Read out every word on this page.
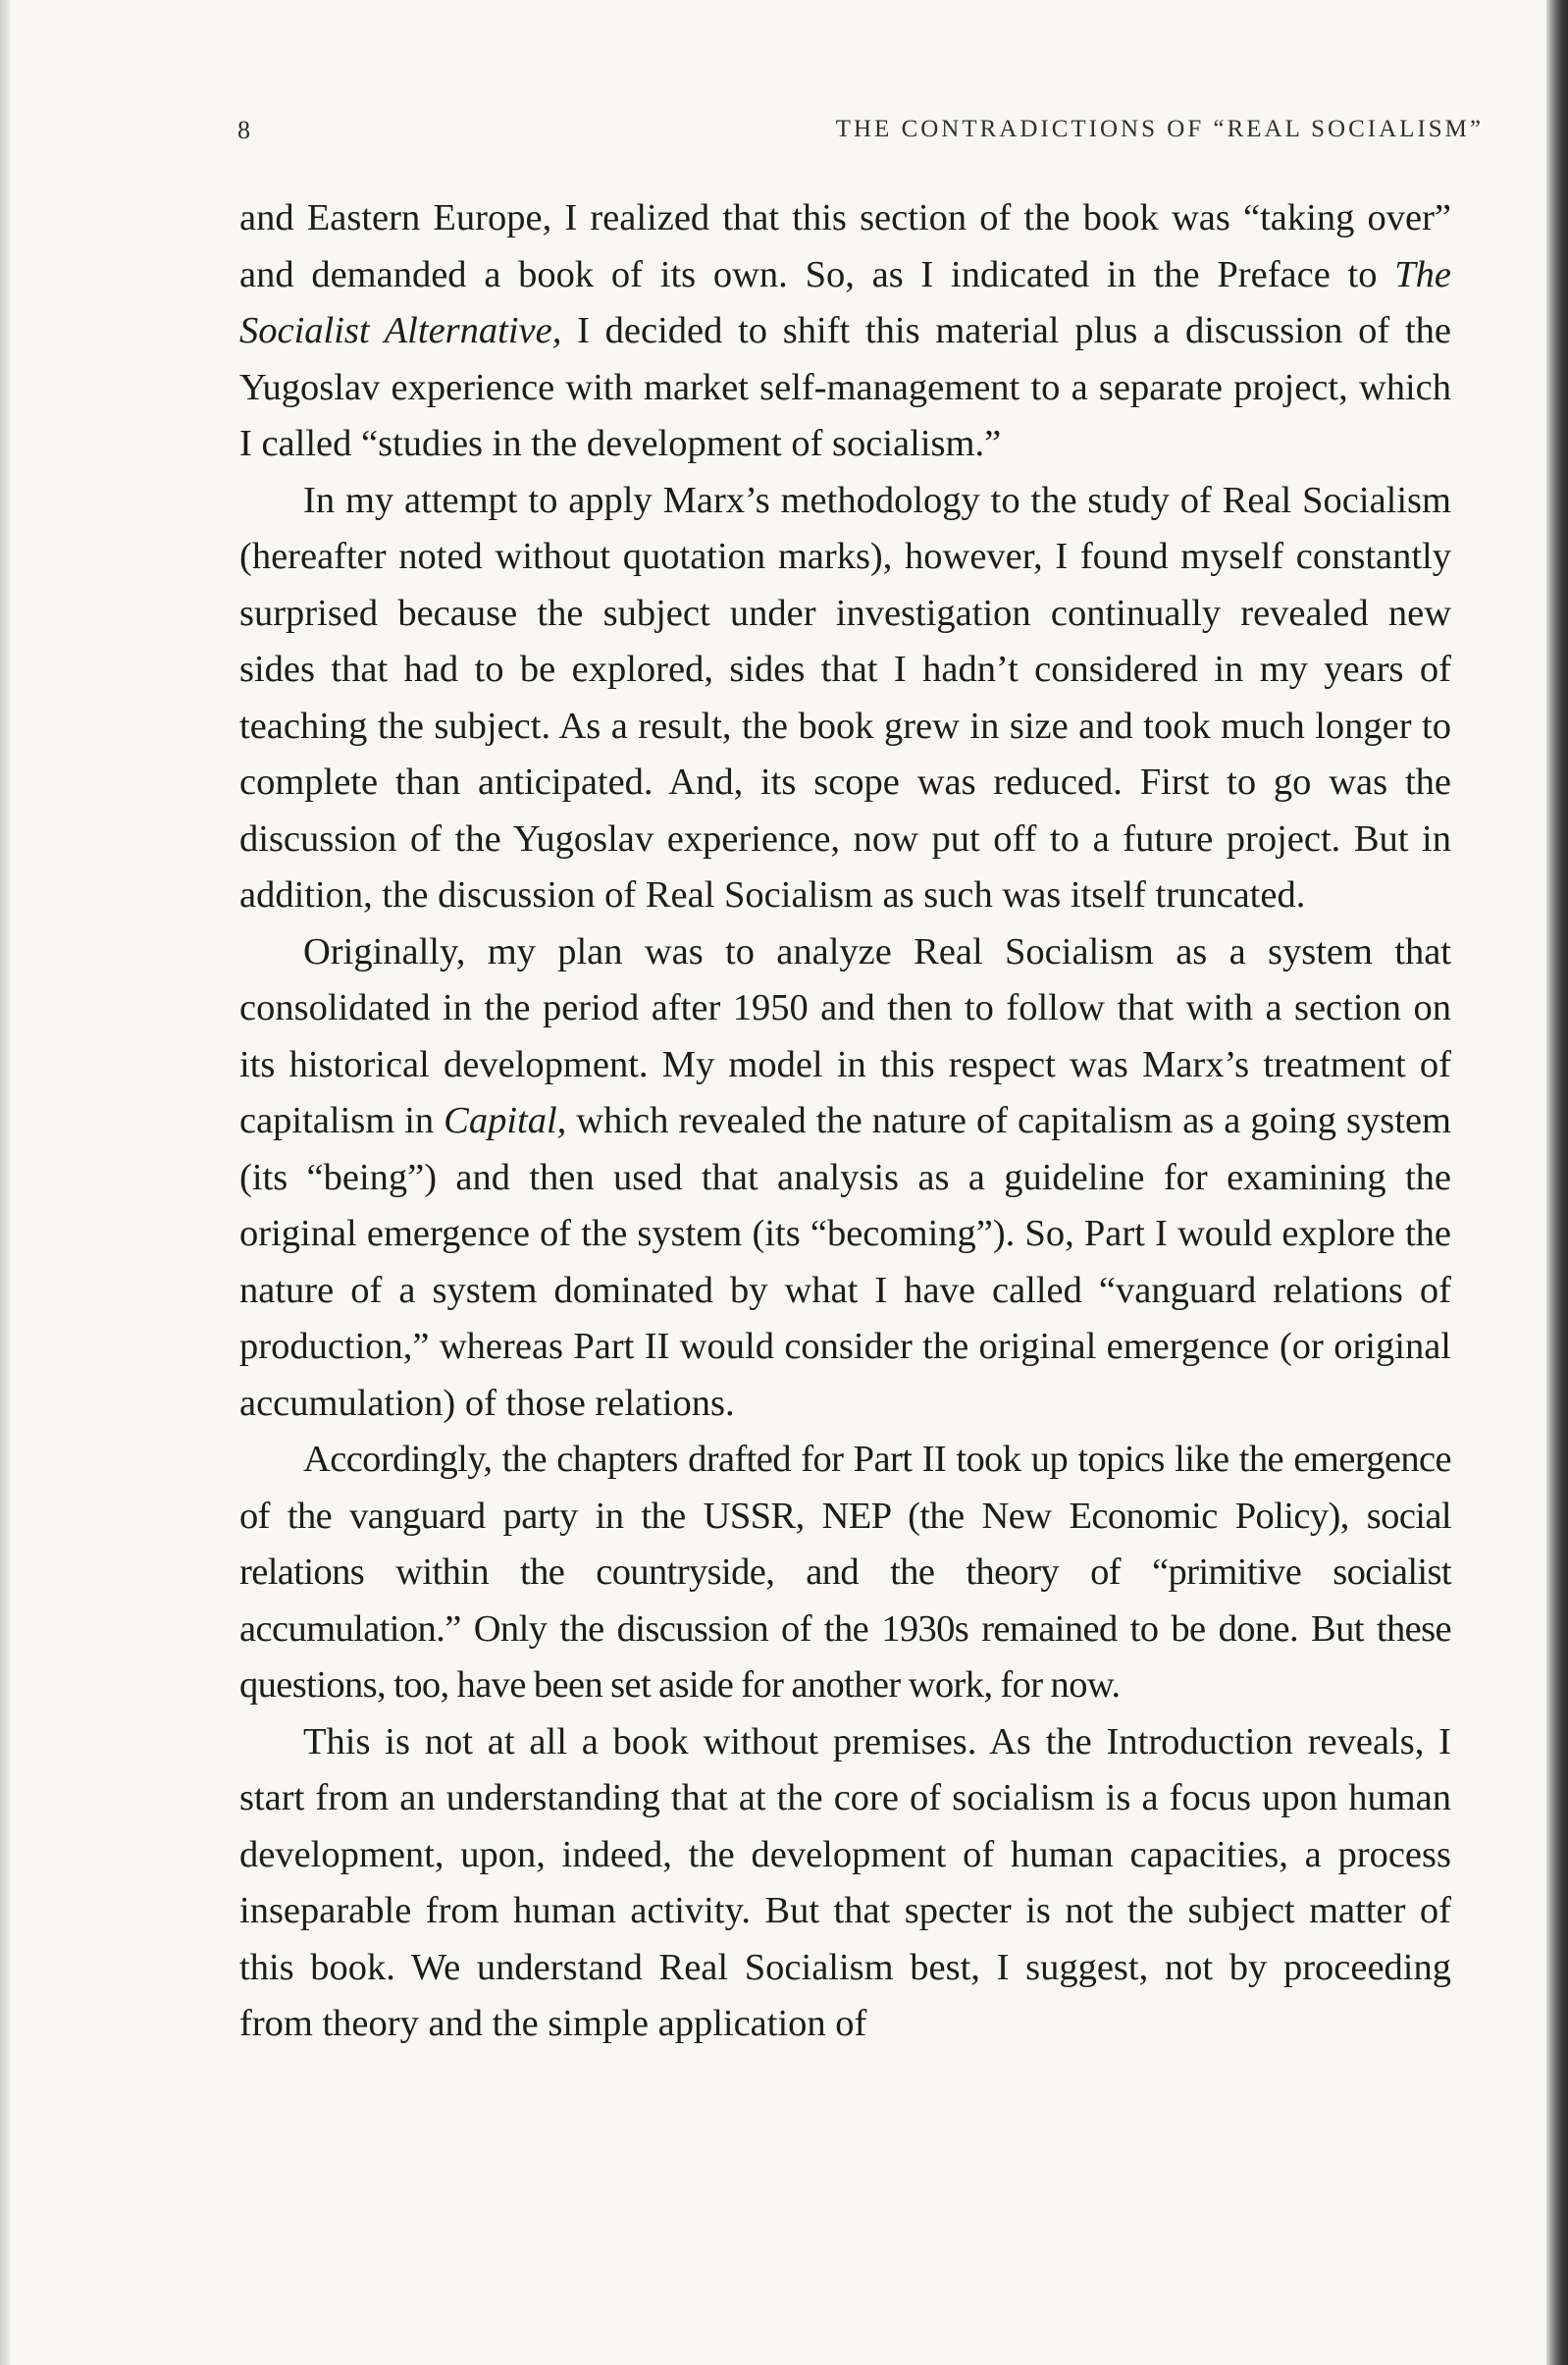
8	THE CONTRADICTIONS OF “REAL SOCIALISM”

and Eastern Europe, I realized that this section of the book was “taking over” and demanded a book of its own. So, as I indicated in the Preface to The Socialist Alternative, I decided to shift this material plus a discussion of the Yugoslav experience with market self-management to a separate project, which I called “studies in the development of socialism.”

In my attempt to apply Marx’s methodology to the study of Real Socialism (hereafter noted without quotation marks), however, I found myself constantly surprised because the subject under investigation continually revealed new sides that had to be explored, sides that I hadn’t considered in my years of teaching the subject. As a result, the book grew in size and took much longer to complete than anticipated. And, its scope was reduced. First to go was the discussion of the Yugoslav experience, now put off to a future project. But in addition, the discussion of Real Socialism as such was itself truncated.

Originally, my plan was to analyze Real Socialism as a system that consolidated in the period after 1950 and then to follow that with a section on its historical development. My model in this respect was Marx’s treatment of capitalism in Capital, which revealed the nature of capitalism as a going system (its “being”) and then used that analysis as a guideline for examining the original emergence of the system (its “becoming”). So, Part I would explore the nature of a system dominated by what I have called “vanguard relations of production,” whereas Part II would consider the original emergence (or original accumulation) of those relations.

Accordingly, the chapters drafted for Part II took up topics like the emergence of the vanguard party in the USSR, NEP (the New Economic Policy), social relations within the countryside, and the theory of “primitive socialist accumulation.” Only the discussion of the 1930s remained to be done. But these questions, too, have been set aside for another work, for now.

This is not at all a book without premises. As the Introduction reveals, I start from an understanding that at the core of socialism is a focus upon human development, upon, indeed, the development of human capacities, a process inseparable from human activity. But that specter is not the subject matter of this book. We understand Real Socialism best, I suggest, not by proceeding from theory and the simple application of
